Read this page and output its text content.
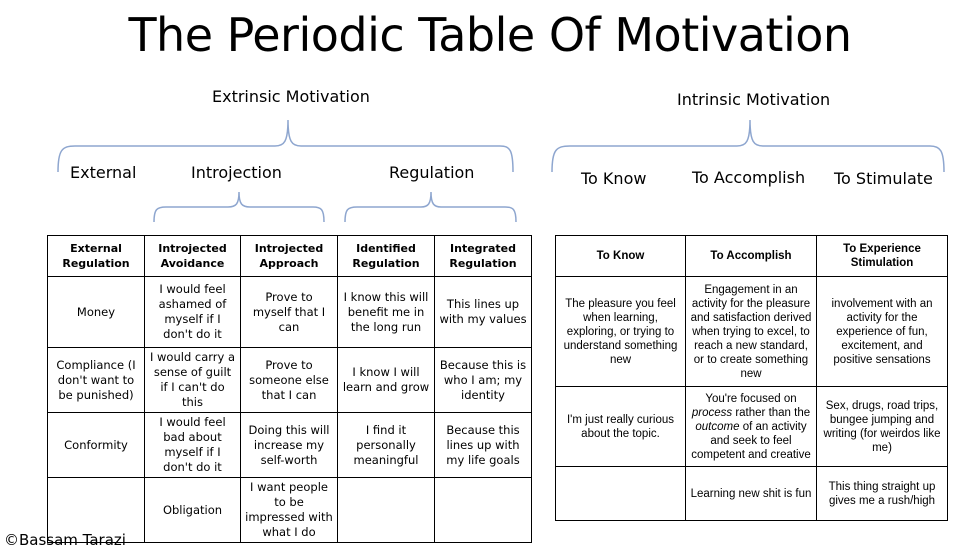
The Periodic Table Of Motivation
Extrinsic Motivation	Intrinsic Motivation
External	Introjection	Regulation	To Know	To Accomplish To Stimulate
External Regulation	Introjected Avoidance	Introjected Approach	Identified Regulation	Integrated Regulation
Money	I would feel ashamed of myself if I don't do it	Prove to myself that I can	I know this will benefit me in the long run	This lines up with my values
Compliance (I don't want to be punished)	I would carry a sense of guilt if I can't do this	Prove to someone else that I can	I know I will learn and grow	Because this is who I am; my identity
Conformity	I would feel bad about myself if I don't do it	Doing this will increase my self-worth	I find it personally meaningful	Because this lines up with my life goals
	Obligation	I want people to be impressed with what I do		
To Know	To Accomplish	To Experience Stimulation
The pleasure you feel when learning, exploring, or trying to understand something new	Engagement in an activity for the pleasure and satisfaction derived when trying to excel, to reach a new standard, or to create something new	involvement with an activity for the experience of fun, excitement, and positive sensations
I'm just really curious about the topic.	You're focused on process rather than the outcome of an activity and seek to feel competent and creative	Sex, drugs, road trips, bungee jumping and writing (for weirdos like me)
	Learning new shit is fun	This thing straight up gives me a rush/high
©Bassam Tarazi
